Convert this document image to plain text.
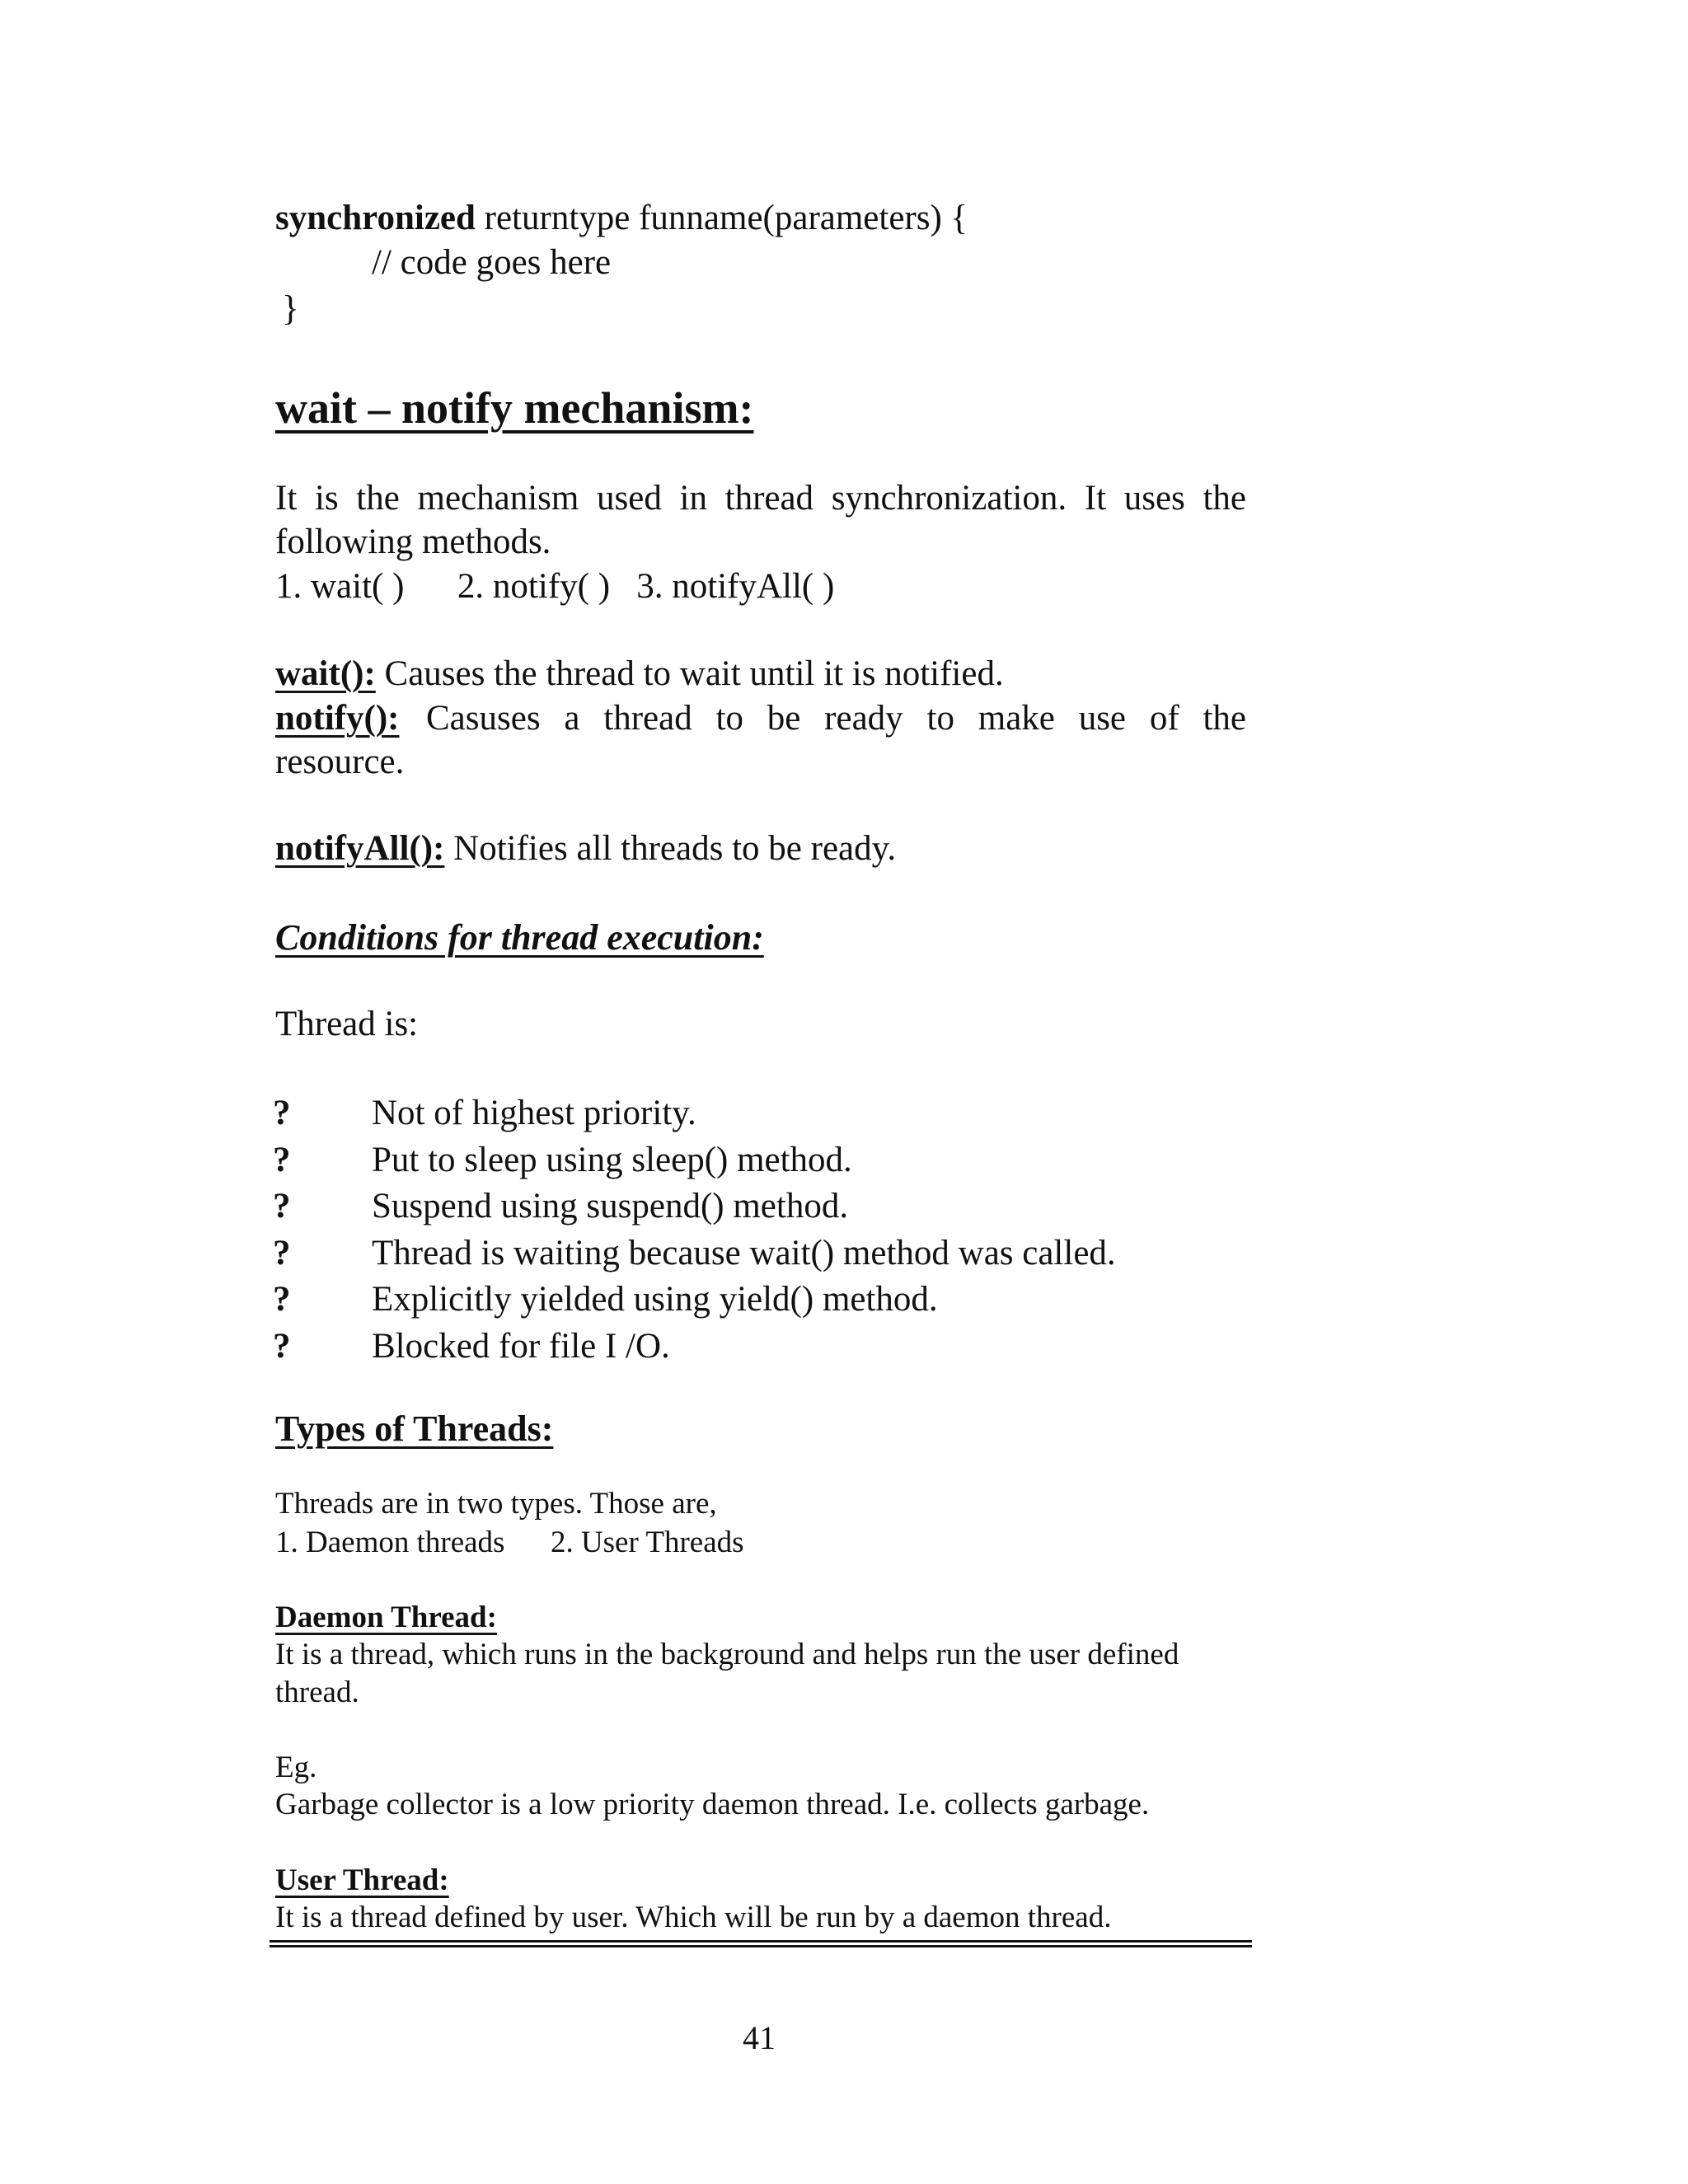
synchronized returntype funname(parameters) {
// code goes here
}
wait – notify mechanism:
It is the mechanism used in thread synchronization. It uses the
following methods.
1. wait( )      2. notify( )   3. notifyAll( )
wait(): Causes the thread to wait until it is notified.
notify(): Casuses a thread to be ready to make use of the
resource.
notifyAll(): Notifies all threads to be ready.
Conditions for thread execution:
Thread is:
? Not of highest priority.
? Put to sleep using sleep() method.
? Suspend using suspend() method.
? Thread is waiting because wait() method was called.
? Explicitly yielded using yield() method.
? Blocked for file I /O.
Types of Threads:
Threads are in two types. Those are,
1. Daemon threads      2. User Threads
Daemon Thread:
It is a thread, which runs in the background and helps run the user defined
thread.
Eg.
Garbage collector is a low priority daemon thread. I.e. collects garbage.
User Thread:
It is a thread defined by user. Which will be run by a daemon thread.
41
